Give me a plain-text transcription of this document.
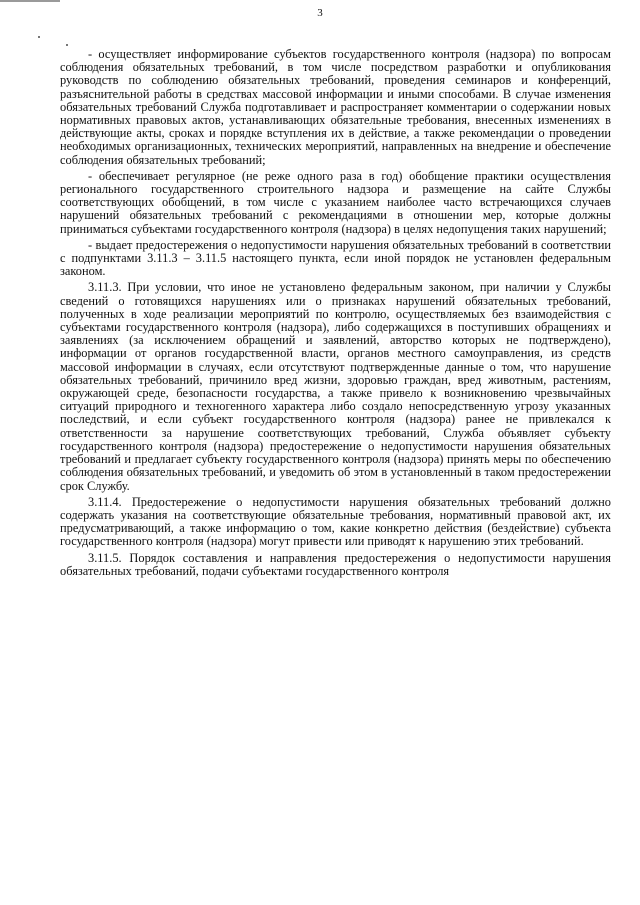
3

- осуществляет информирование субъектов государственного контроля (надзора) по вопросам соблюдения обязательных требований, в том числе посредством разработки и опубликования руководств по соблюдению обязательных требований, проведения семинаров и конференций, разъяснительной работы в средствах массовой информации и иными способами. В случае изменения обязательных требований Служба подготавливает и распространяет комментарии о содержании новых нормативных правовых актов, устанавливающих обязательные требования, внесенных изменениях в действующие акты, сроках и порядке вступления их в действие, а также рекомендации о проведении необходимых организационных, технических мероприятий, направленных на внедрение и обеспечение соблюдения обязательных требований;

- обеспечивает регулярное (не реже одного раза в год) обобщение практики осуществления регионального государственного строительного надзора и размещение на сайте Службы соответствующих обобщений, в том числе с указанием наиболее часто встречающихся случаев нарушений обязательных требований с рекомендациями в отношении мер, которые должны приниматься субъектами государственного контроля (надзора) в целях недопущения таких нарушений;

- выдает предостережения о недопустимости нарушения обязательных требований в соответствии с подпунктами 3.11.3 – 3.11.5 настоящего пункта, если иной порядок не установлен федеральным законом.

3.11.3. При условии, что иное не установлено федеральным законом, при наличии у Службы сведений о готовящихся нарушениях или о признаках нарушений обязательных требований, полученных в ходе реализации мероприятий по контролю, осуществляемых без взаимодействия с субъектами государственного контроля (надзора), либо содержащихся в поступивших обращениях и заявлениях (за исключением обращений и заявлений, авторство которых не подтверждено), информации от органов государственной власти, органов местного самоуправления, из средств массовой информации в случаях, если отсутствуют подтвержденные данные о том, что нарушение обязательных требований, причинило вред жизни, здоровью граждан, вред животным, растениям, окружающей среде, безопасности государства, а также привело к возникновению чрезвычайных ситуаций природного и техногенного характера либо создало непосредственную угрозу указанных последствий, и если субъект государственного контроля (надзора) ранее не привлекался к ответственности за нарушение соответствующих требований, Служба объявляет субъекту государственного контроля (надзора) предостережение о недопустимости нарушения обязательных требований и предлагает субъекту государственного контроля (надзора) принять меры по обеспечению соблюдения обязательных требований, и уведомить об этом в установленный в таком предостережении срок Службу.

3.11.4. Предостережение о недопустимости нарушения обязательных требований должно содержать указания на соответствующие обязательные требования, нормативный правовой акт, их предусматривающий, а также информацию о том, какие конкретно действия (бездействие) субъекта государственного контроля (надзора) могут привести или приводят к нарушению этих требований.

3.11.5. Порядок составления и направления предостережения о недопустимости нарушения обязательных требований, подачи субъектами государственного контроля
